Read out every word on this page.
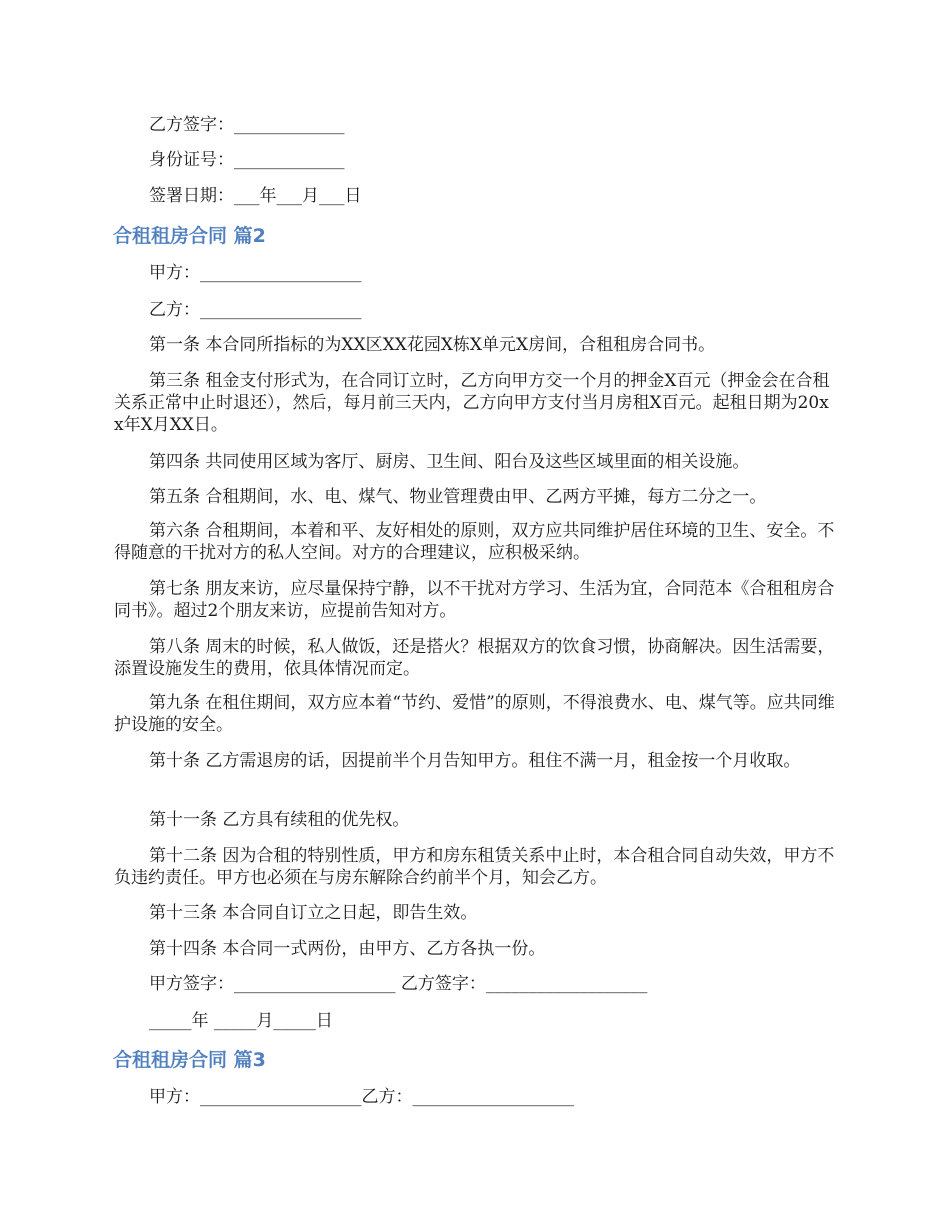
乙方签字：_____________

身份证号：_____________

签署日期：___年___月___日

合租租房合同 篇2

甲方：___________________

乙方：___________________

第一条 本合同所指标的为XX区XX花园X栋X单元X房间，合租租房合同书。

第三条 租金支付形式为，在合同订立时，乙方向甲方交一个月的押金X百元（押金会在合租关系正常中止时退还），然后，每月前三天内，乙方向甲方支付当月房租X百元。起租日期为20xx年X月XX日。

第四条 共同使用区域为客厅、厨房、卫生间、阳台及这些区域里面的相关设施。

第五条 合租期间，水、电、煤气、物业管理费由甲、乙两方平摊，每方二分之一。

第六条 合租期间，本着和平、友好相处的原则，双方应共同维护居住环境的卫生、安全。不得随意的干扰对方的私人空间。对方的合理建议，应积极采纳。

第七条 朋友来访，应尽量保持宁静，以不干扰对方学习、生活为宜，合同范本《合租租房合同书》。超过2个朋友来访，应提前告知对方。

第八条 周末的时候，私人做饭，还是搭火？根据双方的饮食习惯，协商解决。因生活需要，添置设施发生的费用，依具体情况而定。

第九条 在租住期间，双方应本着“节约、爱惜”的原则，不得浪费水、电、煤气等。应共同维护设施的安全。

第十条 乙方需退房的话，因提前半个月告知甲方。租住不满一月，租金按一个月收取。

第十一条 乙方具有续租的优先权。

第十二条 因为合租的特别性质，甲方和房东租赁关系中止时，本合租合同自动失效，甲方不负违约责任。甲方也必须在与房东解除合约前半个月，知会乙方。

第十三条 本合同自订立之日起，即告生效。

第十四条 本合同一式两份，由甲方、乙方各执一份。

甲方签字：___________________ 乙方签字：___________________

_____年 _____月_____日

合租租房合同 篇3

甲方：___________________乙方：___________________
